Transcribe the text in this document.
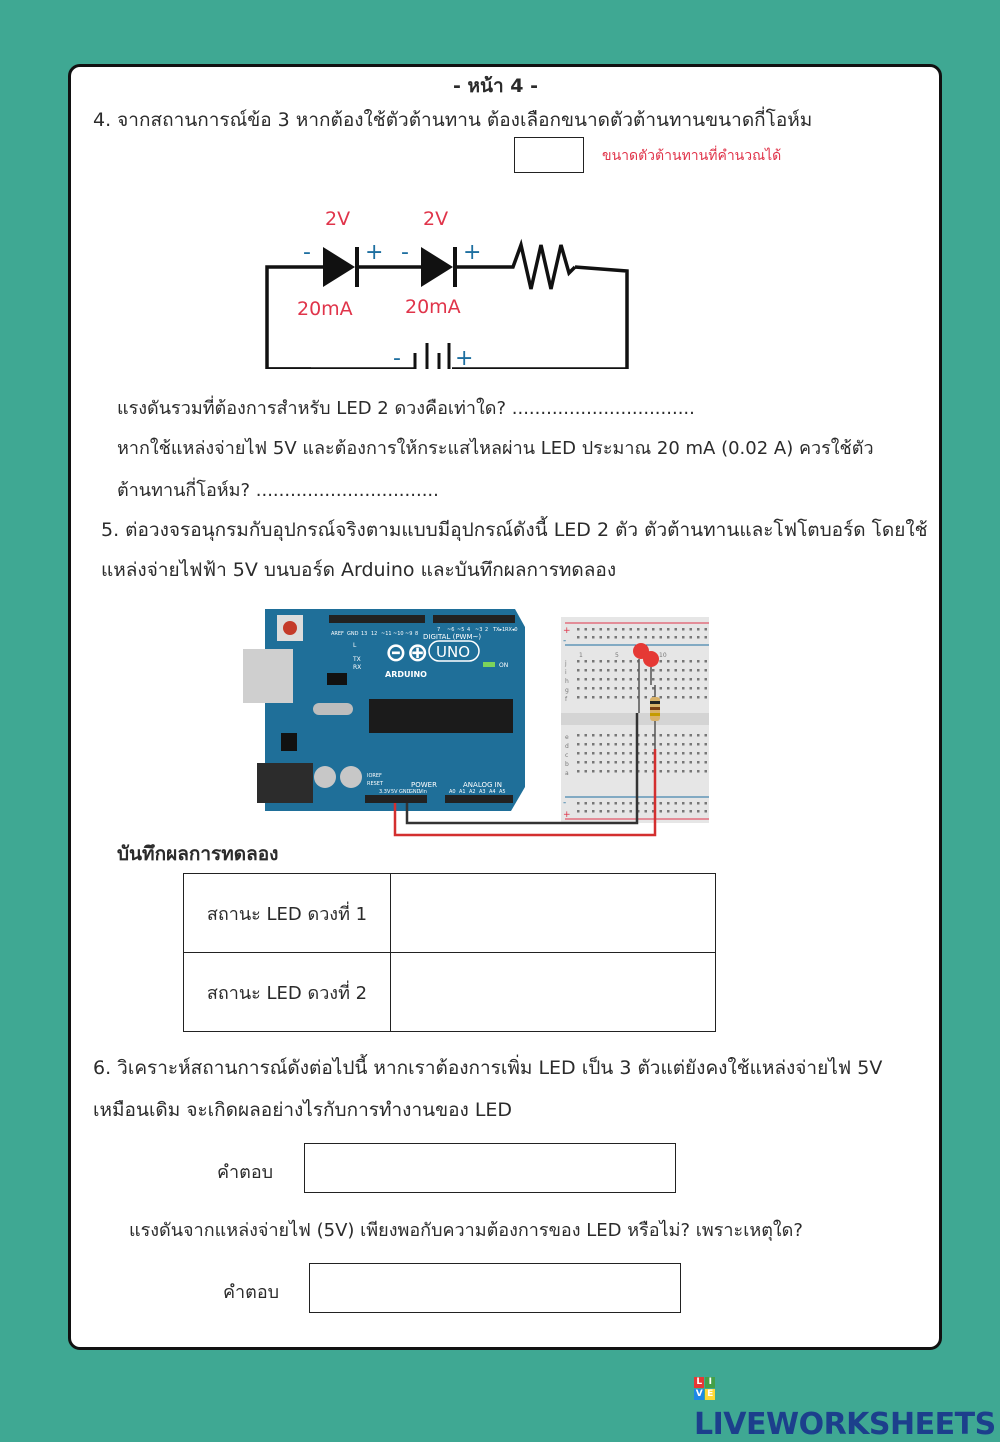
- หน้า 4 -
4. จากสถานการณ์ข้อ 3 หากต้องใช้ตัวต้านทาน ต้องเลือกขนาดตัวต้านทานขนาดกี่โอห์ม
- + - +
- +
2V	2V
20mA	20mA
ขนาดตัวต้านทานที่คำนวณได้
แรงดันรวมที่ต้องการสำหรับ LED 2 ดวงคือเท่าใด? ................................
หากใช้แหล่งจ่ายไฟ 5V และต้องการให้กระแสไหลผ่าน LED ประมาณ 20 mA (0.02 A) ควรใช้ตัว
ต้านทานกี่โอห์ม? ................................
5. ต่อวงจรอนุกรมกับอุปกรณ์จริงตามแบบมีอุปกรณ์ดังนี้ LED 2 ตัว ตัวต้านทานและโฟโตบอร์ด โดยใช้
แหล่งจ่ายไฟฟ้า 5V บนบอร์ด Arduino และบันทึกผลการทดลอง
⊝⊕ UNO
ARDUINO
DIGITAL (PWM~)
POWER	ANALOG IN
L
TX
RX	ON
AREF GND 13 12 ~11 ~10 ~9 8
7 ~6 ~5 4 ~3 2 TX▸1 RX◂0
IOREF
RESET
3.3V 5V GND
GND
Vin	A0 A1 A2 A3 A4 A5
+
-
-
+
j
i
h
g
f
e
d
c
b
a
1	5	10
บันทึกผลการทดลอง
สถานะ LED ดวงที่ 1	
สถานะ LED ดวงที่ 2	
6. วิเคราะห์สถานการณ์ดังต่อไปนี้ หากเราต้องการเพิ่ม LED เป็น 3 ตัวแต่ยังคงใช้แหล่งจ่ายไฟ 5V
เหมือนเดิม จะเกิดผลอย่างไรกับการทำงานของ LED
คำตอบ
แรงดันจากแหล่งจ่ายไฟ (5V) เพียงพอกับความต้องการของ LED หรือไม่? เพราะเหตุใด?
คำตอบ
L I
V E
LIVEWORKSHEETS
